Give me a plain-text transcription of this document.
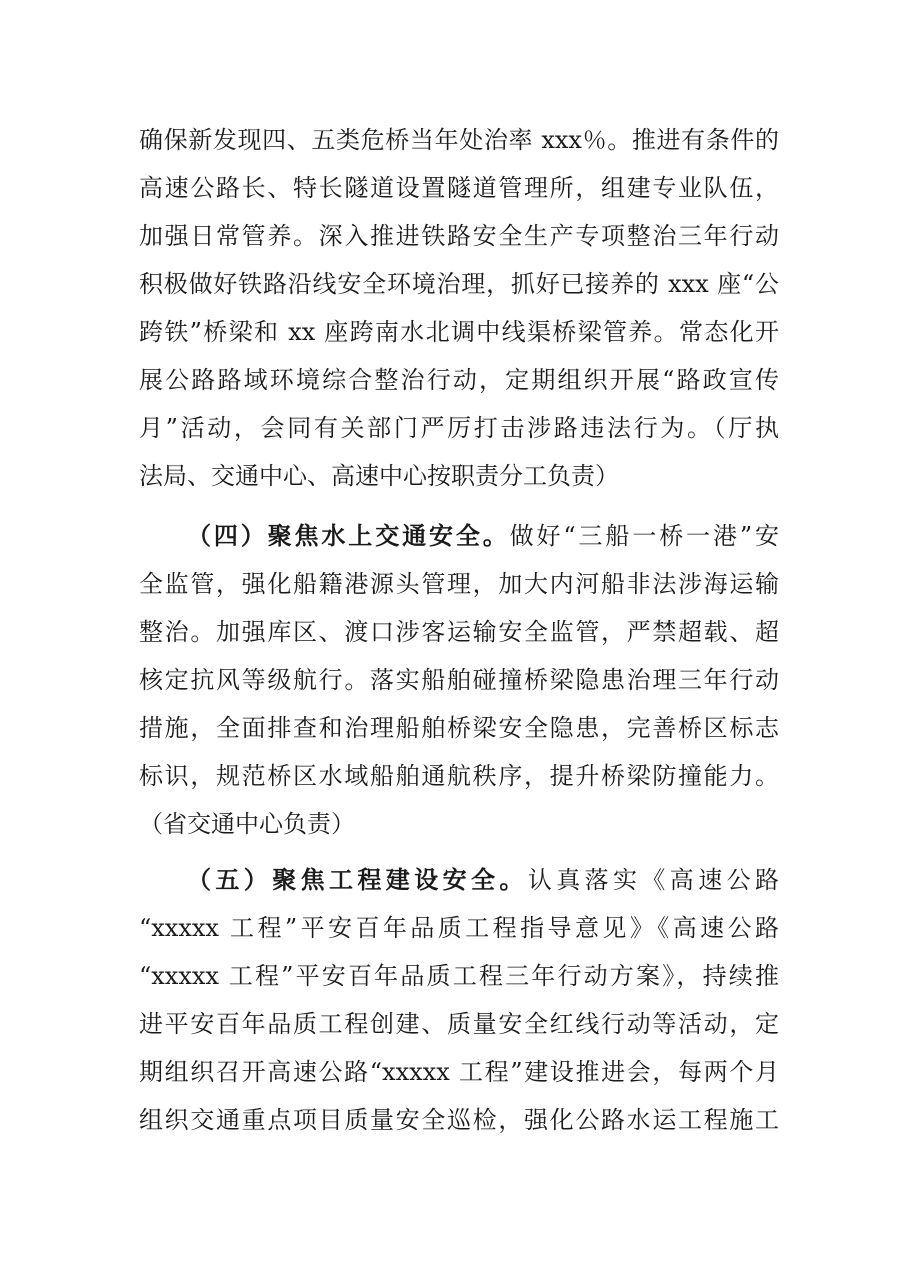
确保新发现四、五类危桥当年处治率 xxx％。推进有条件的
高速公路长、特长隧道设置隧道管理所，组建专业队伍，
加强日常管养。深入推进铁路安全生产专项整治三年行动
积极做好铁路沿线安全环境治理，抓好已接养的 xxx 座“公
跨铁”桥梁和 xx 座跨南水北调中线渠桥梁管养。常态化开
展公路路域环境综合整治行动，定期组织开展“路政宣传
月”活动，会同有关部门严厉打击涉路违法行为。（厅执
法局、交通中心、高速中心按职责分工负责）
（四）聚焦水上交通安全。做好“三船一桥一港”安
全监管，强化船籍港源头管理，加大内河船非法涉海运输
整治。加强库区、渡口涉客运输安全监管，严禁超载、超
核定抗风等级航行。落实船舶碰撞桥梁隐患治理三年行动
措施，全面排查和治理船舶桥梁安全隐患，完善桥区标志
标识，规范桥区水域船舶通航秩序，提升桥梁防撞能力。
（省交通中心负责）
（五）聚焦工程建设安全。认真落实《高速公路
“xxxxx 工程”平安百年品质工程指导意见》《高速公路
“xxxxx 工程”平安百年品质工程三年行动方案》，持续推
进平安百年品质工程创建、质量安全红线行动等活动，定
期组织召开高速公路“xxxxx 工程”建设推进会，每两个月
组织交通重点项目质量安全巡检，强化公路水运工程施工
